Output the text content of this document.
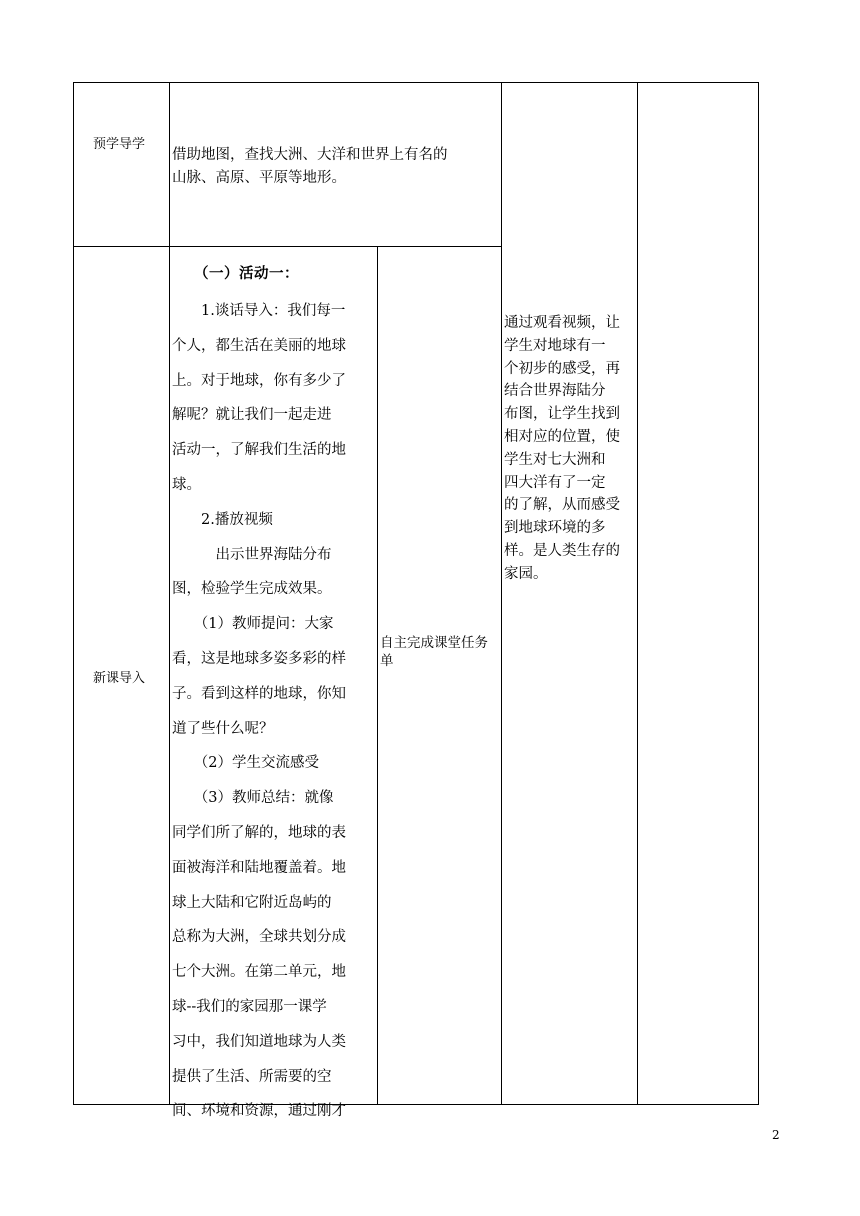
预学导学
借助地图，查找大洲、大洋和世界上有名的
山脉、高原、平原等地形。
新课导入
（一）活动一：
　　1.谈话导入：我们每一
个人，都生活在美丽的地球
上。对于地球，你有多少了
解呢？就让我们一起走进
活动一，了解我们生活的地
球。
　　2.播放视频
　　　出示世界海陆分布
图，检验学生完成效果。
　　（1）教师提问：大家
看，这是地球多姿多彩的样
子。看到这样的地球，你知
道了些什么呢？
　　（2）学生交流感受
　　（3）教师总结：就像
同学们所了解的，地球的表
面被海洋和陆地覆盖着。地
球上大陆和它附近岛屿的
总称为大洲，全球共划分成
七个大洲。在第二单元，地
球--我们的家园那一课学
习中，我们知道地球为人类
提供了生活、所需要的空
间、环境和资源，通过刚才
自主完成课堂任务
单
通过观看视频，让
学生对地球有一
个初步的感受，再
结合世界海陆分
布图，让学生找到
相对应的位置，使
学生对七大洲和
四大洋有了一定
的了解，从而感受
到地球环境的多
样。是人类生存的
家园。
2
